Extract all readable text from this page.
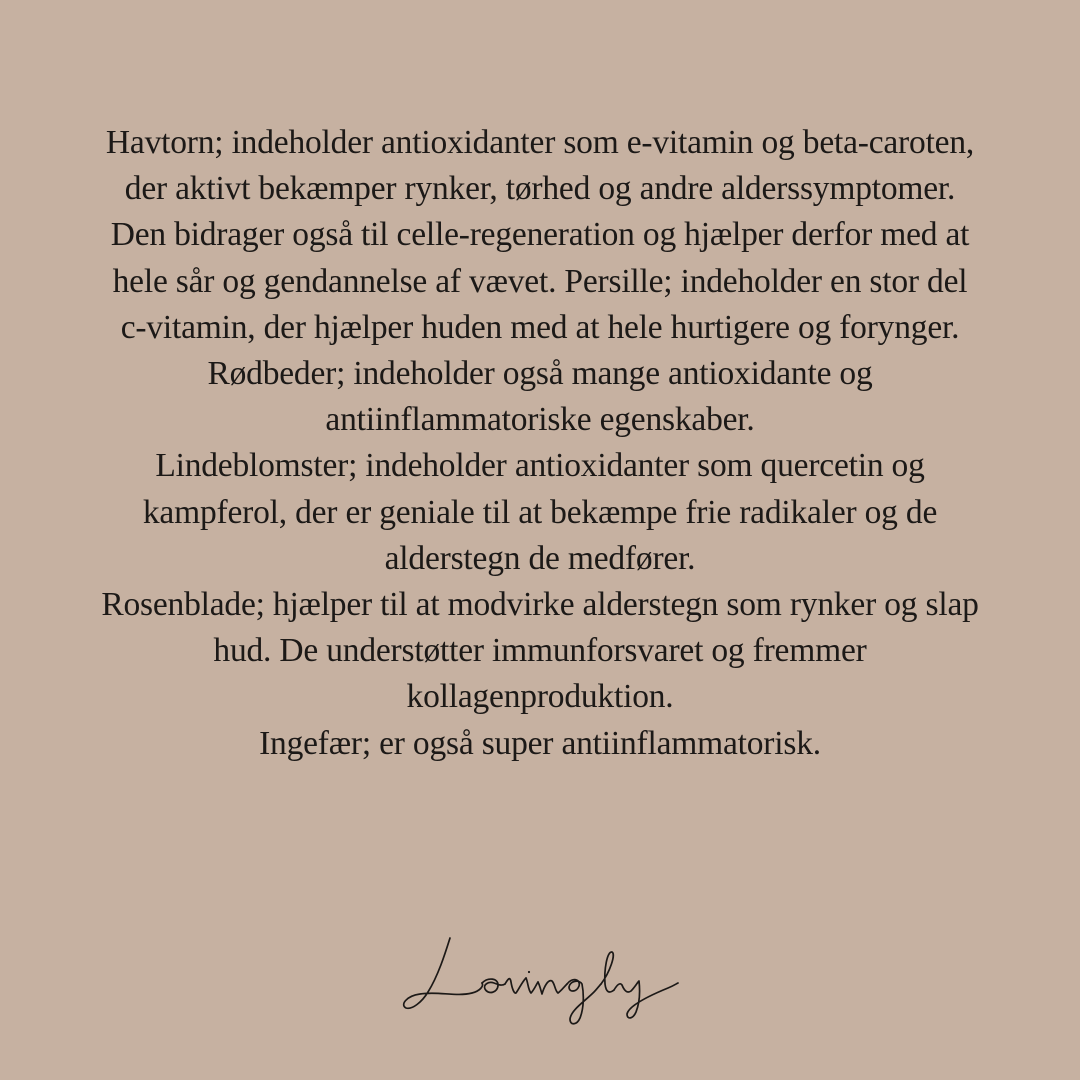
Havtorn; indeholder antioxidanter som e-vitamin og beta-caroten,
der aktivt bekæmper rynker, tørhed og andre alderssymptomer.
Den bidrager også til celle-regeneration og hjælper derfor med at
hele sår og gendannelse af vævet. Persille; indeholder en stor del
c-vitamin, der hjælper huden med at hele hurtigere og forynger.
Rødbeder; indeholder også mange antioxidante og
antiinflammatoriske egenskaber.
Lindeblomster; indeholder antioxidanter som quercetin og
kampferol, der er geniale til at bekæmpe frie radikaler og de
alderstegn de medfører.
Rosenblade; hjælper til at modvirke alderstegn som rynker og slap
hud. De understøtter immunforsvaret og fremmer
kollagenproduktion.
Ingefær; er også super antiinflammatorisk.
